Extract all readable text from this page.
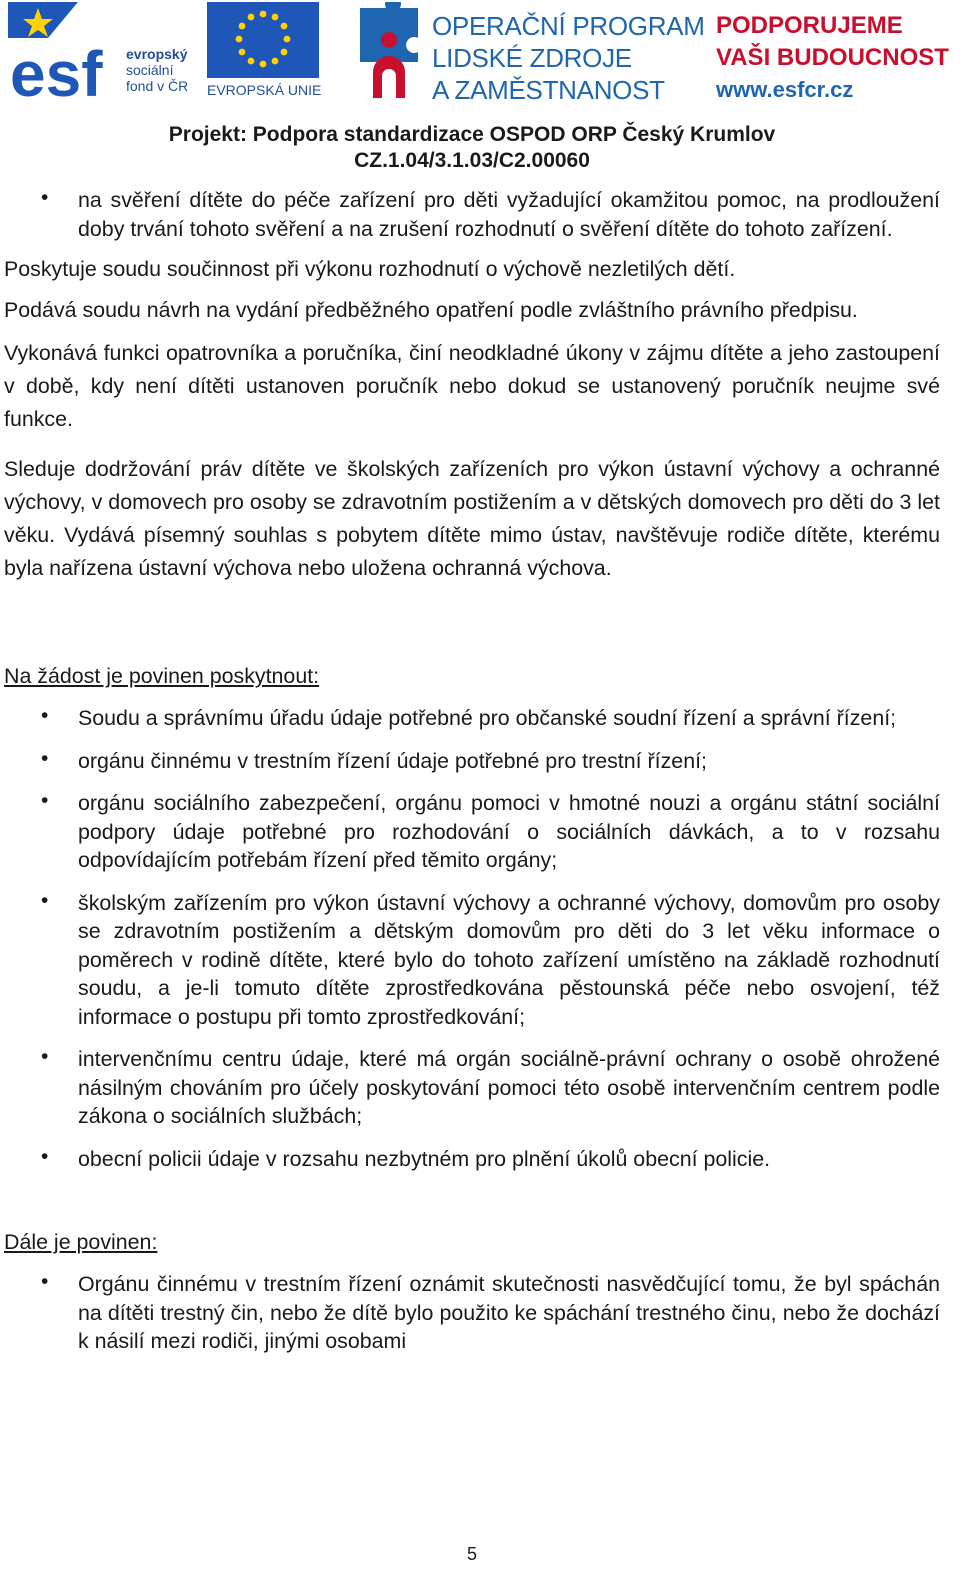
esf evropský
sociální
fond v ČR EVROPSKÁ UNIE
OPERAČNÍ PROGRAM
LIDSKÉ ZDROJE
A ZAMĚSTNANOST
PODPORUJEME
VAŠI BUDOUCNOST
www.esfcr.cz
Projekt: Podpora standardizace OSPOD ORP Český Krumlov
CZ.1.04/3.1.03/C2.00060
• na svěření dítěte do péče zařízení pro děti vyžadující okamžitou pomoc, na prodloužení doby trvání tohoto svěření a na zrušení rozhodnutí o svěření dítěte do tohoto zařízení.

Poskytuje soudu součinnost při výkonu rozhodnutí o výchově nezletilých dětí.

Podává soudu návrh na vydání předběžného opatření podle zvláštního právního předpisu.

Vykonává funkci opatrovníka a poručníka, činí neodkladné úkony v zájmu dítěte a jeho zastoupení v době, kdy není dítěti ustanoven poručník nebo dokud se ustanovený poručník neujme své funkce.

Sleduje dodržování práv dítěte ve školských zařízeních pro výkon ústavní výchovy a ochranné výchovy, v domovech pro osoby se zdravotním postižením a v dětských domovech pro děti do 3 let věku. Vydává písemný souhlas s pobytem dítěte mimo ústav, navštěvuje rodiče dítěte, kterému byla nařízena ústavní výchova nebo uložena ochranná výchova.

Na žádost je povinen poskytnout:

• Soudu a správnímu úřadu údaje potřebné pro občanské soudní řízení a správní řízení;

• orgánu činnému v trestním řízení údaje potřebné pro trestní řízení;

• orgánu sociálního zabezpečení, orgánu pomoci v hmotné nouzi a orgánu státní sociální podpory údaje potřebné pro rozhodování o sociálních dávkách, a to v rozsahu odpovídajícím potřebám řízení před těmito orgány;

• školským zařízením pro výkon ústavní výchovy a ochranné výchovy, domovům pro osoby se zdravotním postižením a dětským domovům pro děti do 3 let věku informace o poměrech v rodině dítěte, které bylo do tohoto zařízení umístěno na základě rozhodnutí soudu, a je-li tomuto dítěte zprostředkována pěstounská péče nebo osvojení, též informace o postupu při tomto zprostředkování;

• intervenčnímu centru údaje, které má orgán sociálně-právní ochrany o osobě ohrožené násilným chováním pro účely poskytování pomoci této osobě intervenčním centrem podle zákona o sociálních službách;

• obecní policii údaje v rozsahu nezbytném pro plnění úkolů obecní policie.

Dále je povinen:

• Orgánu činnému v trestním řízení oznámit skutečnosti nasvědčující tomu, že byl spáchán na dítěti trestný čin, nebo že dítě bylo použito ke spáchání trestného činu, nebo že dochází k násilí mezi rodiči, jinými osobami

5
